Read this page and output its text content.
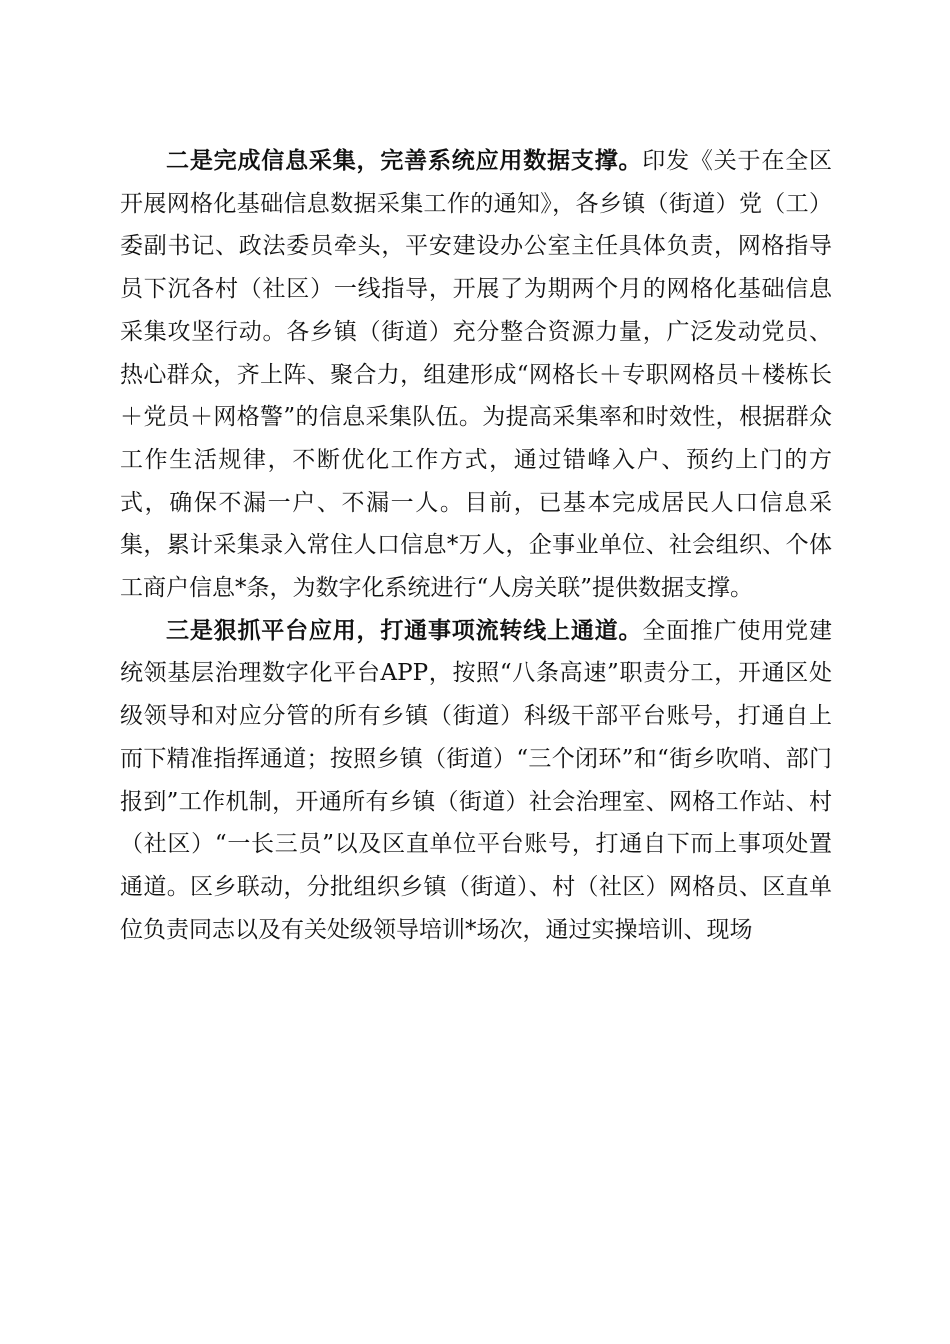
二是完成信息采集，完善系统应用数据支撑。印发《关于在全区开展网格化基础信息数据采集工作的通知》，各乡镇（街道）党（工）委副书记、政法委员牵头，平安建设办公室主任具体负责，网格指导员下沉各村（社区）一线指导，开展了为期两个月的网格化基础信息采集攻坚行动。各乡镇（街道）充分整合资源力量，广泛发动党员、热心群众，齐上阵、聚合力，组建形成“网格长＋专职网格员＋楼栋长＋党员＋网格警”的信息采集队伍。为提高采集率和时效性，根据群众工作生活规律，不断优化工作方式，通过错峰入户、预约上门的方式，确保不漏一户、不漏一人。目前，已基本完成居民人口信息采集，累计采集录入常住人口信息*万人，企事业单位、社会组织、个体工商户信息*条，为数字化系统进行“人房关联”提供数据支撑。

三是狠抓平台应用，打通事项流转线上通道。全面推广使用党建统领基层治理数字化平台APP，按照“八条高速”职责分工，开通区处级领导和对应分管的所有乡镇（街道）科级干部平台账号，打通自上而下精准指挥通道；按照乡镇（街道）“三个闭环”和“街乡吹哨、部门报到”工作机制，开通所有乡镇（街道）社会治理室、网格工作站、村（社区）“一长三员”以及区直单位平台账号，打通自下而上事项处置通道。区乡联动，分批组织乡镇（街道）、村（社区）网格员、区直单位负责同志以及有关处级领导培训*场次，通过实操培训、现场
